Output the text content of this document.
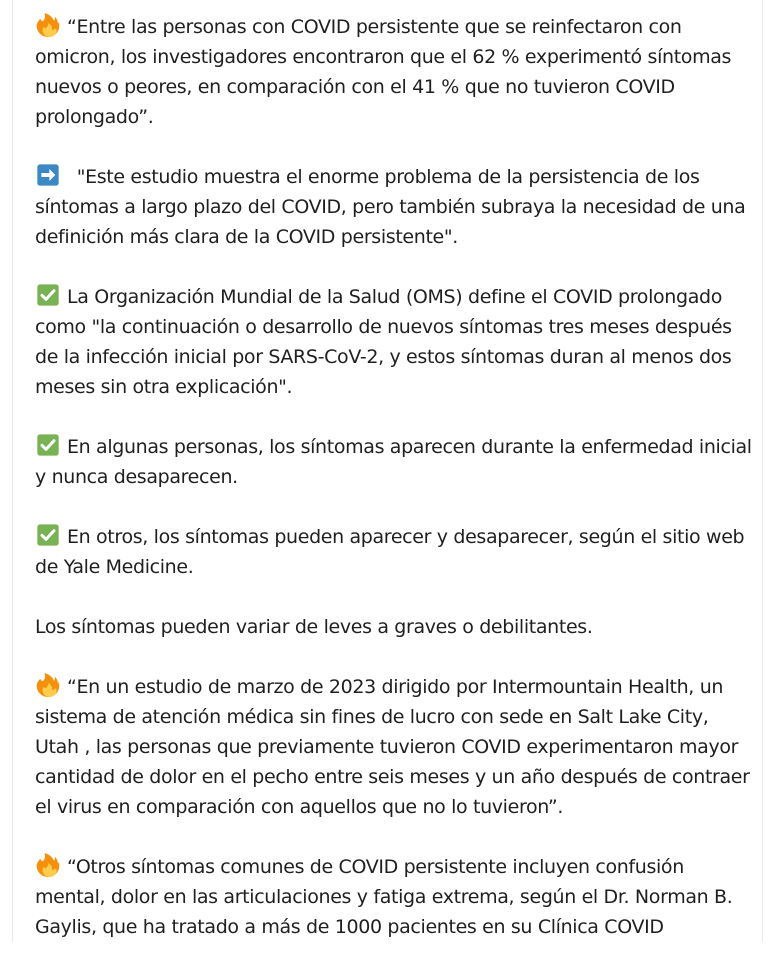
“Entre las personas con COVID persistente que se reinfectaron con omicron, los investigadores encontraron que el 62 % experimentó síntomas nuevos o peores, en comparación con el 41 % que no tuvieron COVID prolongado”.

"Este estudio muestra el enorme problema de la persistencia de los síntomas a largo plazo del COVID, pero también subraya la necesidad de una definición más clara de la COVID persistente".

La Organización Mundial de la Salud (OMS) define el COVID prolongado como "la continuación o desarrollo de nuevos síntomas tres meses después de la infección inicial por SARS-CoV-2, y estos síntomas duran al menos dos meses sin otra explicación".

En algunas personas, los síntomas aparecen durante la enfermedad inicial y nunca desaparecen.

En otros, los síntomas pueden aparecer y desaparecer, según el sitio web de Yale Medicine.

Los síntomas pueden variar de leves a graves o debilitantes.

“En un estudio de marzo de 2023 dirigido por Intermountain Health, un sistema de atención médica sin fines de lucro con sede en Salt Lake City, Utah , las personas que previamente tuvieron COVID experimentaron mayor cantidad de dolor en el pecho entre seis meses y un año después de contraer el virus en comparación con aquellos que no lo tuvieron”.

“Otros síntomas comunes de COVID persistente incluyen confusión mental, dolor en las articulaciones y fatiga extrema, según el Dr. Norman B. Gaylis, que ha tratado a más de 1000 pacientes en su Clínica COVID
